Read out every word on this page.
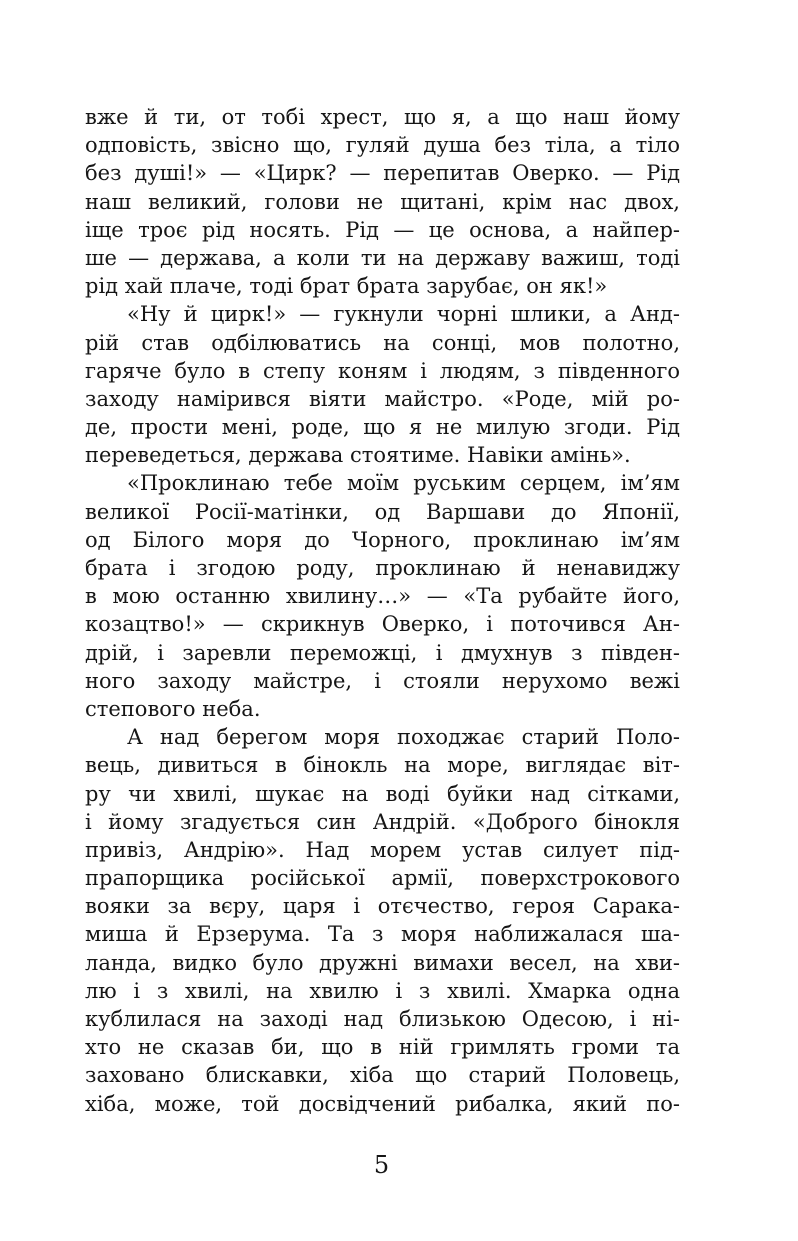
вже й ти, от тобі хрест, що я, а що наш йому
одповість, звісно що, гуляй душа без тіла, а тіло
без душі!» — «Цирк? — перепитав Оверко. — Рід
наш великий, голови не щитані, крім нас двох,
іще троє рід носять. Рід — це основа, а найпер-
ше — держава, а коли ти на державу важиш, тоді
рід хай плаче, тоді брат брата зарубає, он як!»
«Ну й цирк!» — гукнули чорні шлики, а Анд-
рій став одбілюватись на сонці, мов полотно,
гаряче було в степу коням і людям, з південного
заходу намірився віяти майстро. «Роде, мій ро-
де, прости мені, роде, що я не милую згоди. Рід
переведеться, держава стоятиме. Навіки амінь».
«Проклинаю тебе моїм руським серцем, ім’ям
великої Росії-матінки, од Варшави до Японії,
од Білого моря до Чорного, проклинаю ім’ям
брата і згодою роду, проклинаю й ненавиджу
в мою останню хвилину…» — «Та рубайте його,
козацтво!» — скрикнув Оверко, і поточився Ан-
дрій, і заревли переможці, і дмухнув з півден-
ного заходу майстре, і стояли нерухомо вежі
степового неба.
А над берегом моря походжає старий Поло-
вець, дивиться в бінокль на море, виглядає віт-
ру чи хвилі, шукає на воді буйки над сітками,
і йому згадується син Андрій. «Доброго бінокля
привіз, Андрію». Над морем устав силует під-
прапорщика російської армії, поверхстрокового
вояки за вєру, царя і отєчество, героя Сарака-
миша й Ерзерума. Та з моря наближалася ша-
ланда, видко було дружні вимахи весел, на хви-
лю і з хвилі, на хвилю і з хвилі. Хмарка одна
кублилася на заході над близькою Одесою, і ні-
хто не сказав би, що в ній гримлять громи та
заховано блискавки, хіба що старий Половець,
хіба, може, той досвідчений рибалка, який по-
5
